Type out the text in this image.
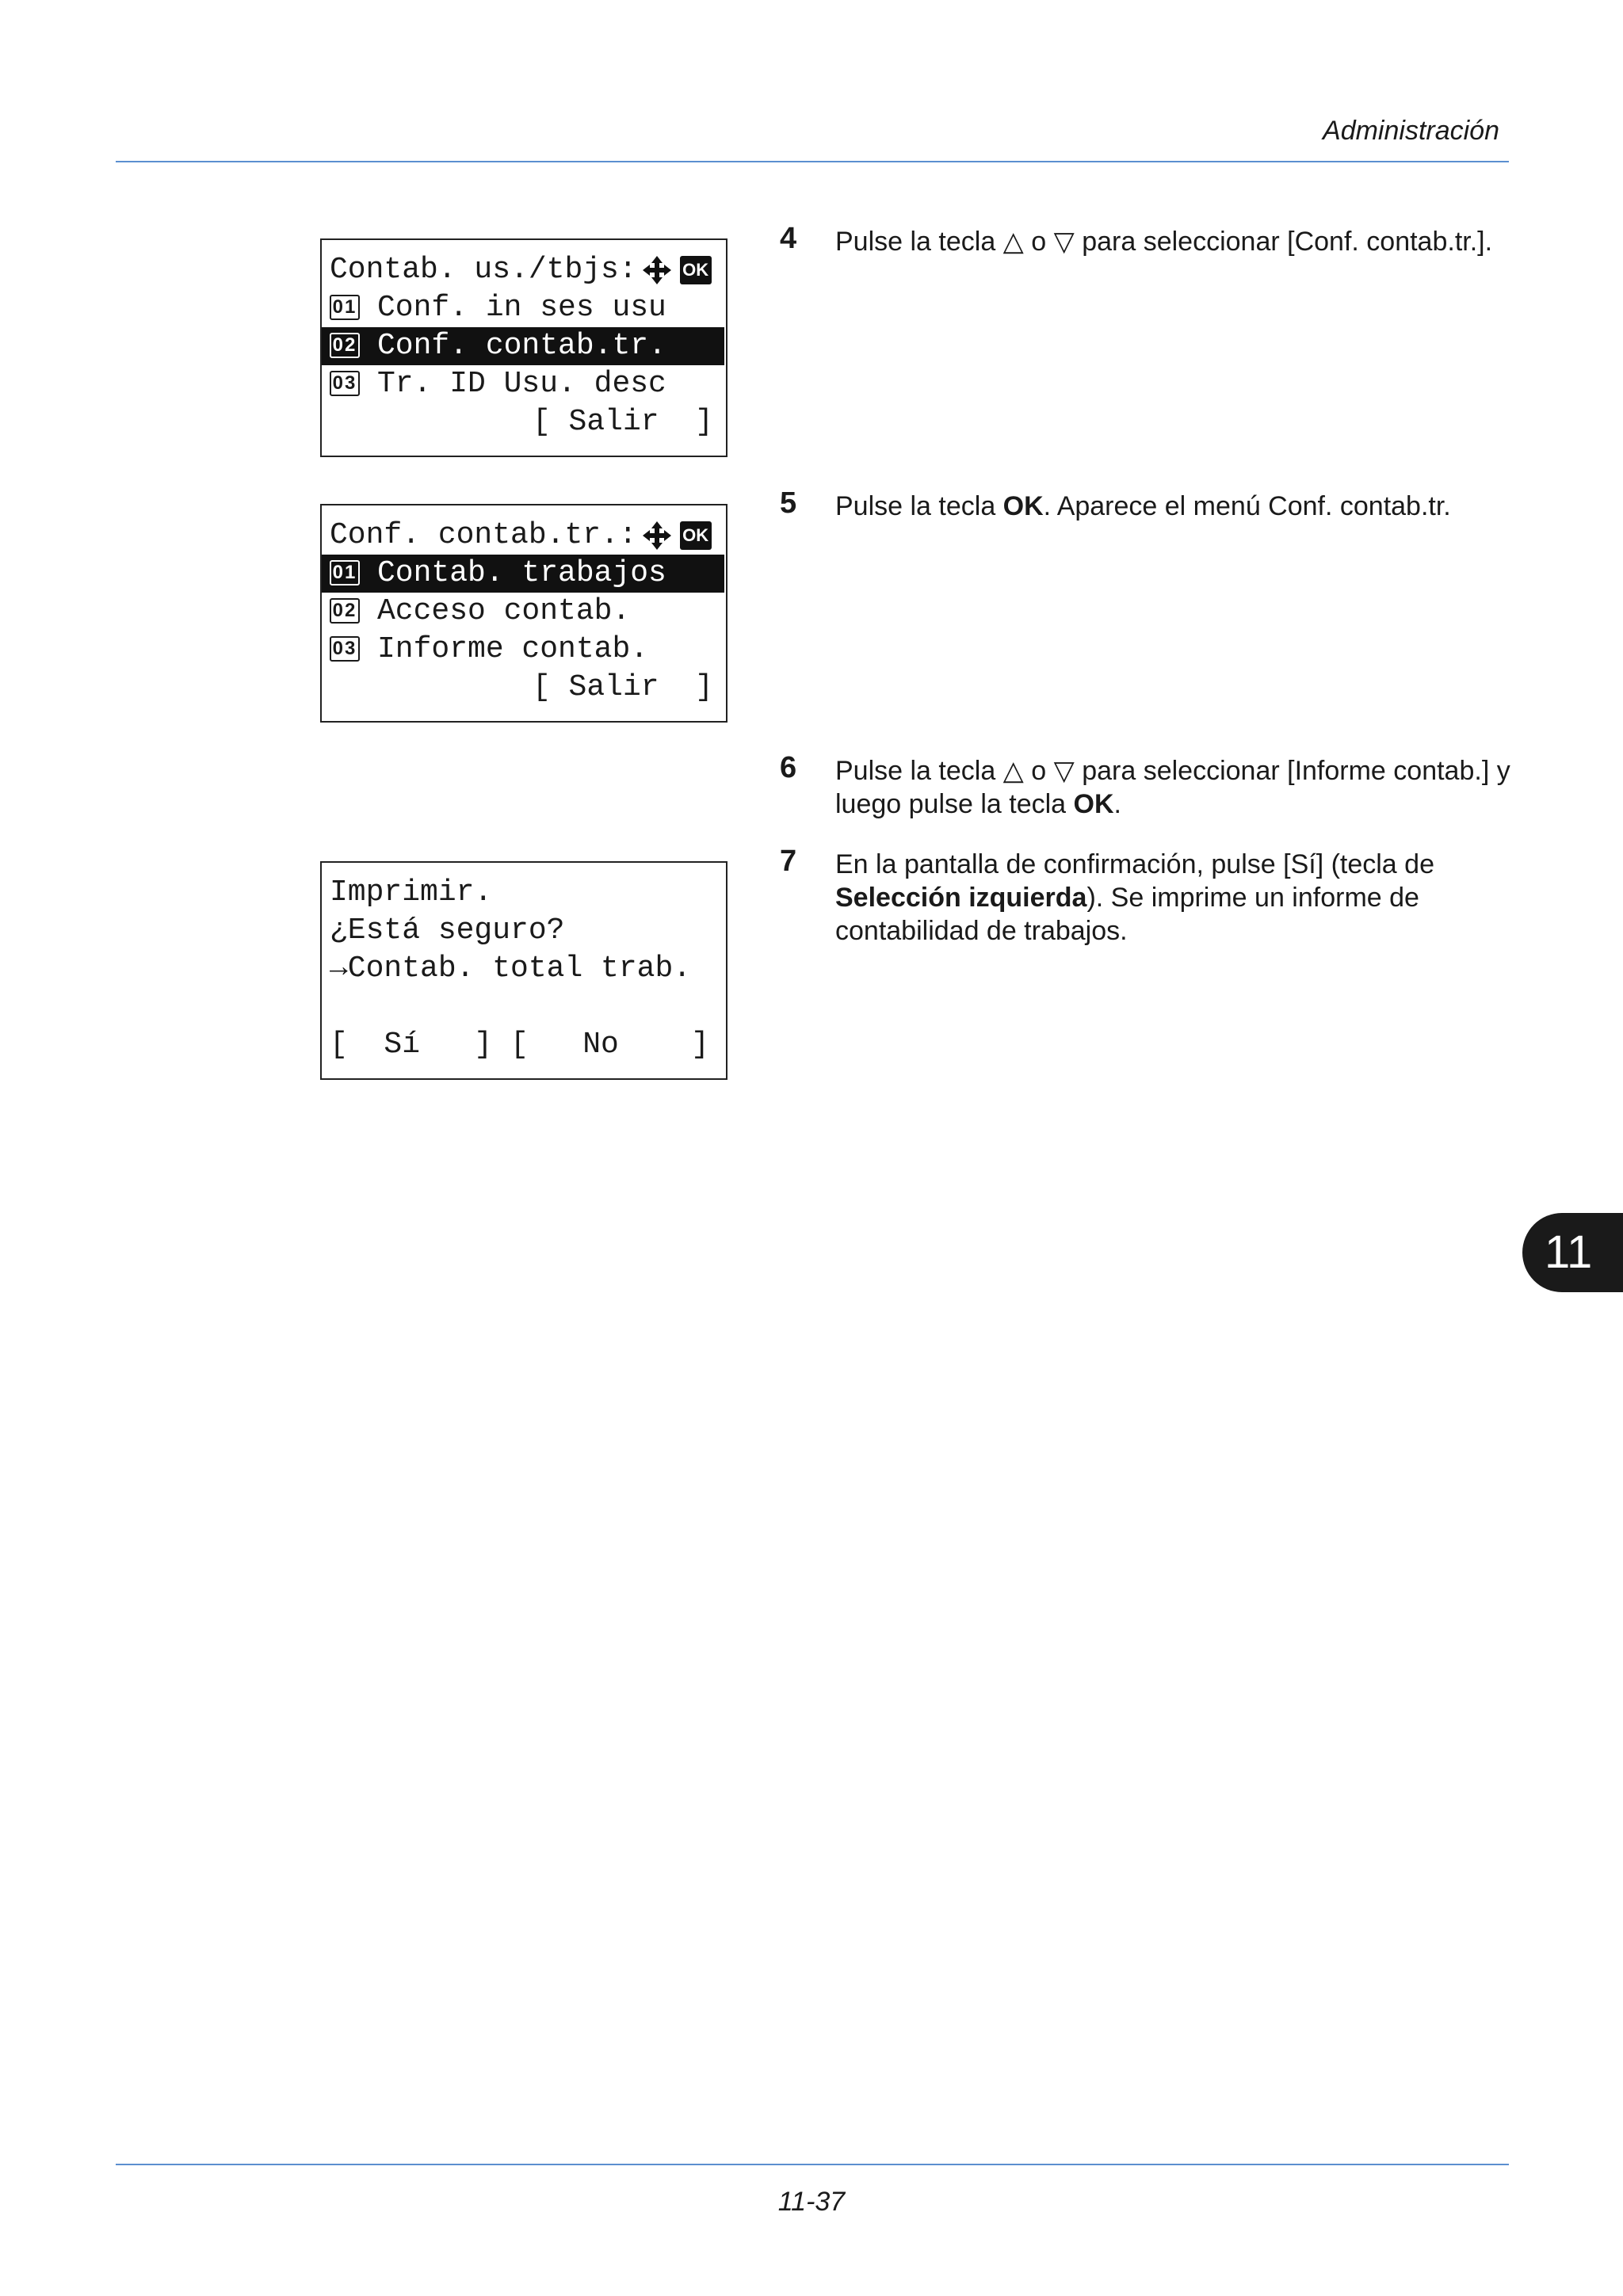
Administración
Contab. us./tbjs:	OK
01 Conf. in ses usu
02 Conf. contab.tr.
03 Tr. ID Usu. desc
[ Salir  ]
Conf. contab.tr.:	OK
01 Contab. trabajos
02 Acceso contab.
03 Informe contab.
[ Salir  ]
Imprimir.
¿Está seguro?
→Contab. total trab.
[  Sí   ] [   No    ]
4 Pulse la tecla △ o ▽ para seleccionar [Conf. contab.tr.].
5 Pulse la tecla OK. Aparece el menú Conf. contab.tr.
6 Pulse la tecla △ o ▽ para seleccionar [Informe contab.] y luego pulse la tecla OK.
7 En la pantalla de confirmación, pulse [Sí] (tecla de Selección izquierda). Se imprime un informe de contabilidad de trabajos.
11
11-37
